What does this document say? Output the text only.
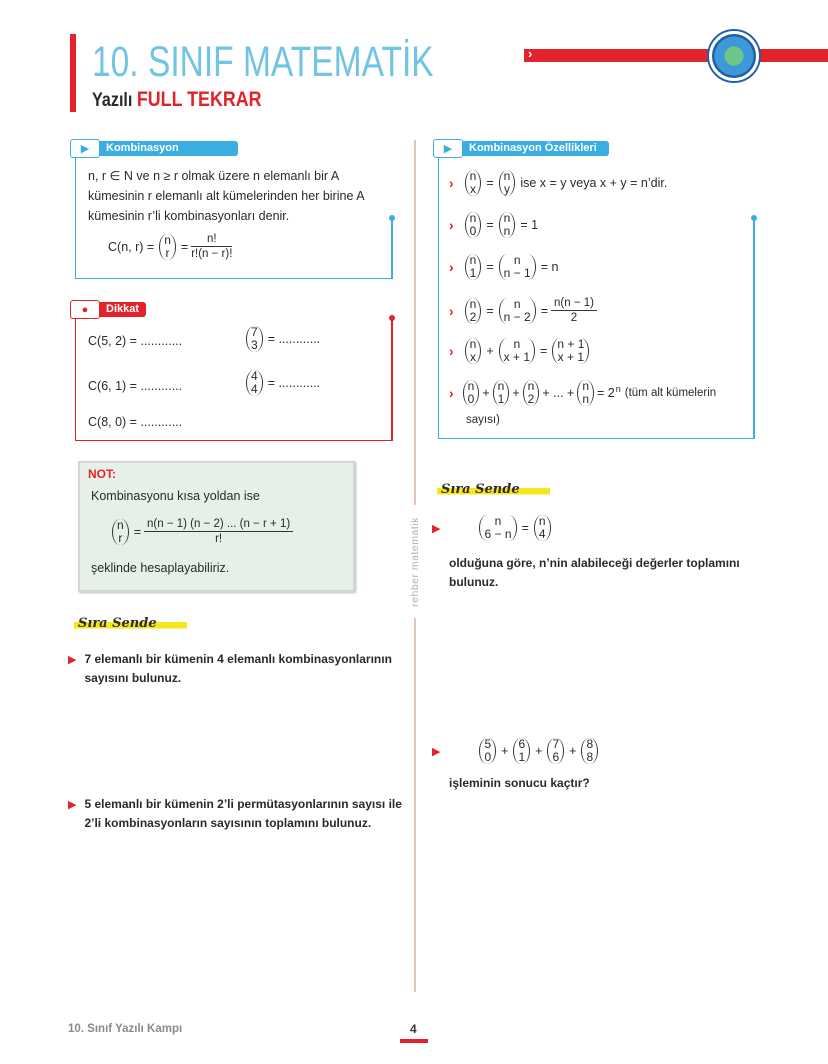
10. SINIF MATEMATİK
Yazılı FULL TEKRAR
›
▶	Kombinasyon
n, r ∈ N ve n ≥ r olmak üzere n elemanlı bir A kümesinin r elemanlı alt kümelerinden her birine A kümesinin r’li kombinasyonları denir.
C(n, r) = n
$r = \frac{n!}{r!(n - r)!}$
●	Dikkat
C(5, 2) = ............
C(6, 1) = ............
C(8, 0) = ............
7
3 = ............
4
4 = ............
NOT:
Kombinasyonu kısa yoldan ise
n
$r = \frac{n(n - 1) (n - 2) ... (n - r + 1)}{r!}$
şeklinde hesaplayabiliriz.
Sıra Sende
▶ 7 elemanlı bir kümenin 4 elemanlı kombinasyonlarının sayısını bulunuz.
▶ 5 elemanlı bir kümenin 2’li permütasyonlarının sayısı ile 2’li kombinasyonların sayısının toplamını bulunuz.
rehber matematik
▶	Kombinasyon Özellikleri
› n
x = n
y ise x = y veya x + y = n’dir.
› n
0 = n
n = 1
› n
1 =	n
n − 1 = n
› n
2 =	n
$n - 2 = \frac{n(n - 1)}{2}$
› n
x +	n
x + 1 = n + 1
x + 1
› n
0 + n
1 + n
2 + ... + n
$n = 2^n$ (tüm alt kümelerin
sayısı)
Sıra Sende
▶
n
6 − n = n
4
olduğuna göre, n’nin alabileceği değerler toplamını bulunuz.
▶
5
0 + 6
1 + 7
6 + 8
8
işleminin sonucu kaçtır?
10. Sınıf Yazılı Kampı	4
